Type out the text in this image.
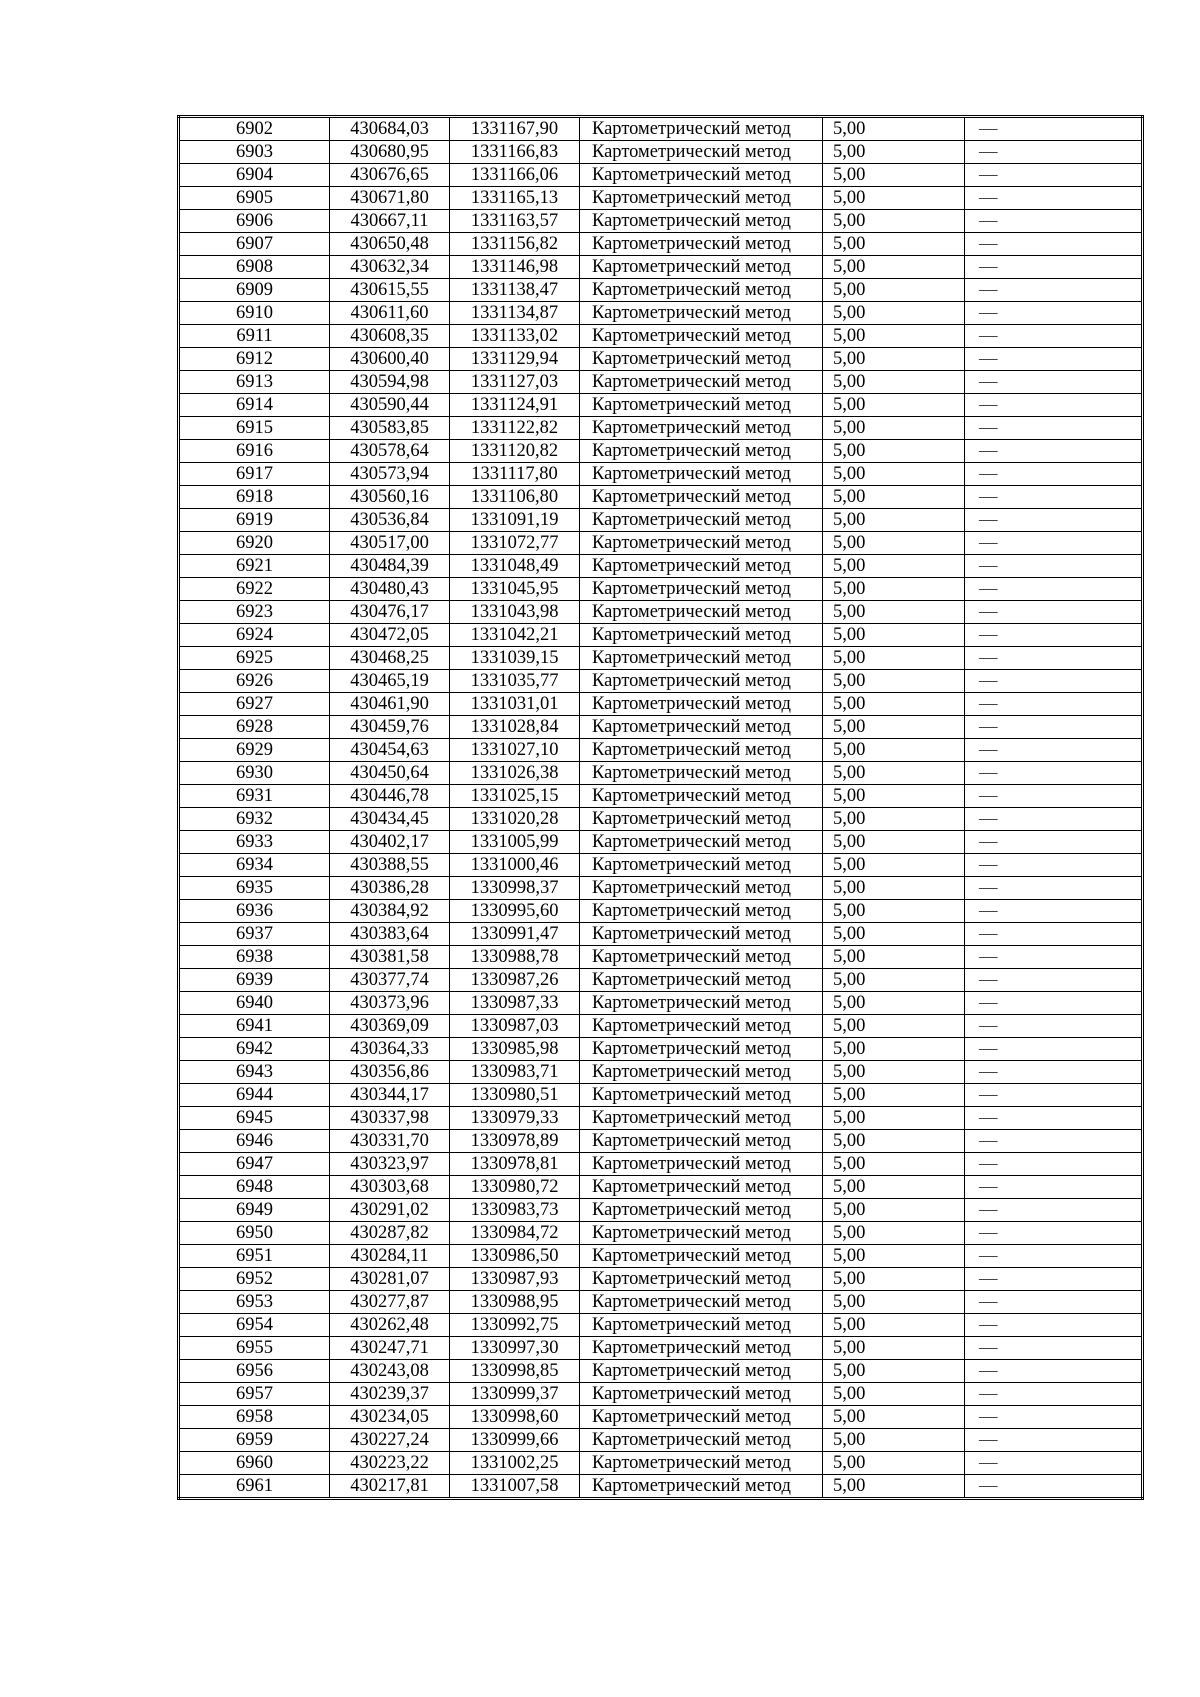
6902	430684,03	1331167,90	Картометрический метод	5,00	—
6903	430680,95	1331166,83	Картометрический метод	5,00	—
6904	430676,65	1331166,06	Картометрический метод	5,00	—
6905	430671,80	1331165,13	Картометрический метод	5,00	—
6906	430667,11	1331163,57	Картометрический метод	5,00	—
6907	430650,48	1331156,82	Картометрический метод	5,00	—
6908	430632,34	1331146,98	Картометрический метод	5,00	—
6909	430615,55	1331138,47	Картометрический метод	5,00	—
6910	430611,60	1331134,87	Картометрический метод	5,00	—
6911	430608,35	1331133,02	Картометрический метод	5,00	—
6912	430600,40	1331129,94	Картометрический метод	5,00	—
6913	430594,98	1331127,03	Картометрический метод	5,00	—
6914	430590,44	1331124,91	Картометрический метод	5,00	—
6915	430583,85	1331122,82	Картометрический метод	5,00	—
6916	430578,64	1331120,82	Картометрический метод	5,00	—
6917	430573,94	1331117,80	Картометрический метод	5,00	—
6918	430560,16	1331106,80	Картометрический метод	5,00	—
6919	430536,84	1331091,19	Картометрический метод	5,00	—
6920	430517,00	1331072,77	Картометрический метод	5,00	—
6921	430484,39	1331048,49	Картометрический метод	5,00	—
6922	430480,43	1331045,95	Картометрический метод	5,00	—
6923	430476,17	1331043,98	Картометрический метод	5,00	—
6924	430472,05	1331042,21	Картометрический метод	5,00	—
6925	430468,25	1331039,15	Картометрический метод	5,00	—
6926	430465,19	1331035,77	Картометрический метод	5,00	—
6927	430461,90	1331031,01	Картометрический метод	5,00	—
6928	430459,76	1331028,84	Картометрический метод	5,00	—
6929	430454,63	1331027,10	Картометрический метод	5,00	—
6930	430450,64	1331026,38	Картометрический метод	5,00	—
6931	430446,78	1331025,15	Картометрический метод	5,00	—
6932	430434,45	1331020,28	Картометрический метод	5,00	—
6933	430402,17	1331005,99	Картометрический метод	5,00	—
6934	430388,55	1331000,46	Картометрический метод	5,00	—
6935	430386,28	1330998,37	Картометрический метод	5,00	—
6936	430384,92	1330995,60	Картометрический метод	5,00	—
6937	430383,64	1330991,47	Картометрический метод	5,00	—
6938	430381,58	1330988,78	Картометрический метод	5,00	—
6939	430377,74	1330987,26	Картометрический метод	5,00	—
6940	430373,96	1330987,33	Картометрический метод	5,00	—
6941	430369,09	1330987,03	Картометрический метод	5,00	—
6942	430364,33	1330985,98	Картометрический метод	5,00	—
6943	430356,86	1330983,71	Картометрический метод	5,00	—
6944	430344,17	1330980,51	Картометрический метод	5,00	—
6945	430337,98	1330979,33	Картометрический метод	5,00	—
6946	430331,70	1330978,89	Картометрический метод	5,00	—
6947	430323,97	1330978,81	Картометрический метод	5,00	—
6948	430303,68	1330980,72	Картометрический метод	5,00	—
6949	430291,02	1330983,73	Картометрический метод	5,00	—
6950	430287,82	1330984,72	Картометрический метод	5,00	—
6951	430284,11	1330986,50	Картометрический метод	5,00	—
6952	430281,07	1330987,93	Картометрический метод	5,00	—
6953	430277,87	1330988,95	Картометрический метод	5,00	—
6954	430262,48	1330992,75	Картометрический метод	5,00	—
6955	430247,71	1330997,30	Картометрический метод	5,00	—
6956	430243,08	1330998,85	Картометрический метод	5,00	—
6957	430239,37	1330999,37	Картометрический метод	5,00	—
6958	430234,05	1330998,60	Картометрический метод	5,00	—
6959	430227,24	1330999,66	Картометрический метод	5,00	—
6960	430223,22	1331002,25	Картометрический метод	5,00	—
6961	430217,81	1331007,58	Картометрический метод	5,00	—
